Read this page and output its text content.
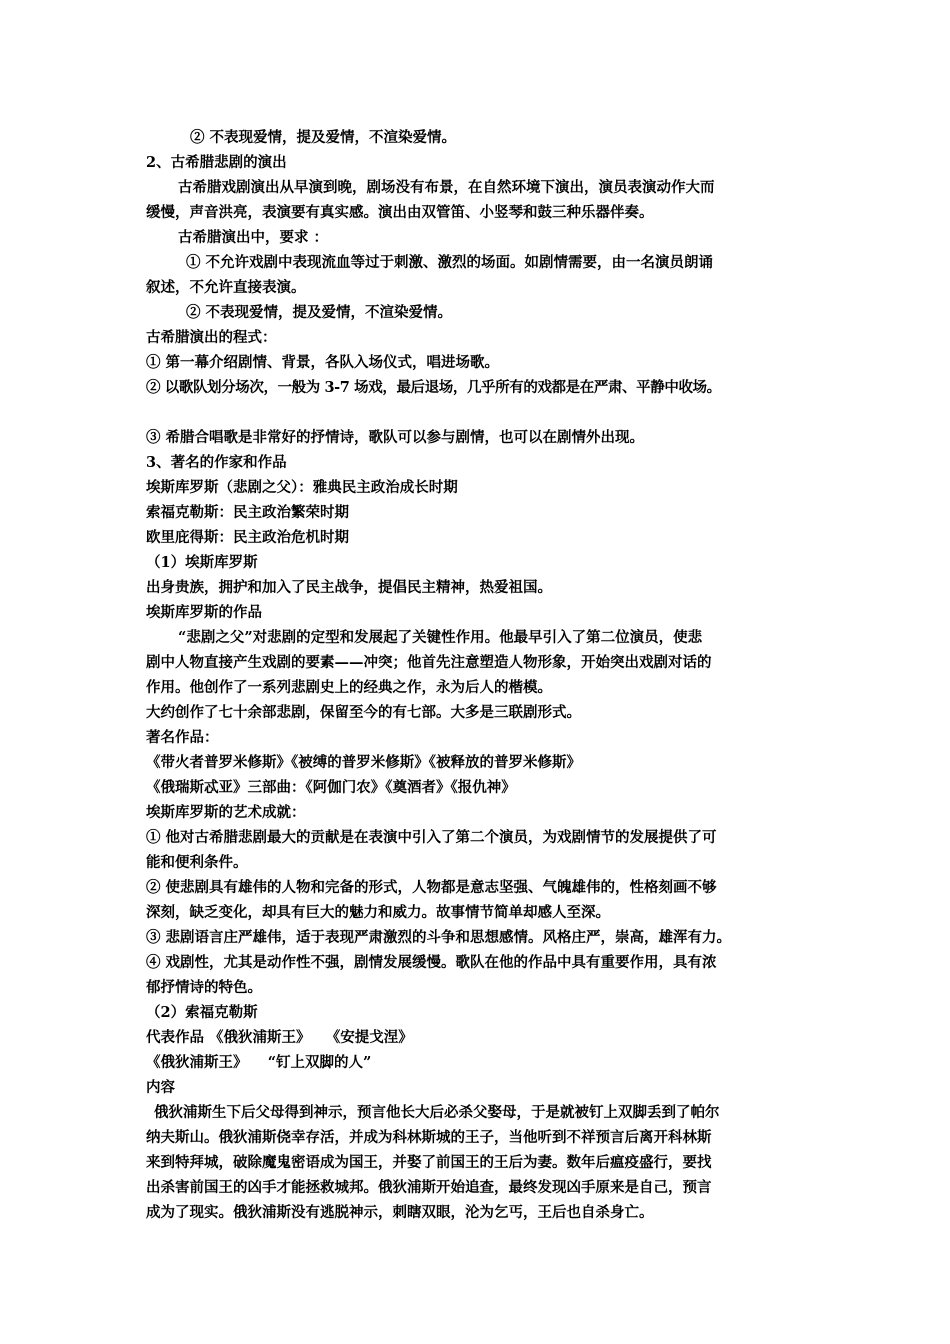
② 不表现爱情，提及爱情，不渲染爱情。
2、古希腊悲剧的演出
古希腊戏剧演出从早演到晚，剧场没有布景，在自然环境下演出，演员表演动作大而
缓慢，声音洪亮，表演要有真实感。演出由双管笛、小竖琴和鼓三种乐器伴奏。
古希腊演出中，要求 ：
① 不允许戏剧中表现流血等过于刺激、激烈的场面。如剧情需要，由一名演员朗诵
叙述，不允许直接表演。
② 不表现爱情，提及爱情，不渲染爱情。
古希腊演出的程式：
① 第一幕介绍剧情、背景，各队入场仪式，唱进场歌。
② 以歌队划分场次，一般为 3-7 场戏，最后退场，几乎所有的戏都是在严肃、平静中收场。
③ 希腊合唱歌是非常好的抒情诗，歌队可以参与剧情，也可以在剧情外出现。
3、著名的作家和作品
埃斯库罗斯（悲剧之父）：雅典民主政治成长时期
索福克勒斯：民主政治繁荣时期
欧里庇得斯：民主政治危机时期
（1）埃斯库罗斯
出身贵族，拥护和加入了民主战争，提倡民主精神，热爱祖国。
埃斯库罗斯的作品
“悲剧之父”对悲剧的定型和发展起了关键性作用。他最早引入了第二位演员，使悲
剧中人物直接产生戏剧的要素——冲突；他首先注意塑造人物形象，开始突出戏剧对话的
作用。他创作了一系列悲剧史上的经典之作，永为后人的楷模。
大约创作了七十余部悲剧，保留至今的有七部。大多是三联剧形式。
著名作品：
《带火者普罗米修斯》《被缚的普罗米修斯》《被释放的普罗米修斯》
《俄瑞斯忒亚》三部曲：《阿伽门农》《奠酒者》《报仇神》
埃斯库罗斯的艺术成就：
① 他对古希腊悲剧最大的贡献是在表演中引入了第二个演员，为戏剧情节的发展提供了可
能和便利条件。
② 使悲剧具有雄伟的人物和完备的形式，人物都是意志坚强、气魄雄伟的，性格刻画不够
深刻，缺乏变化，却具有巨大的魅力和威力。故事情节简单却感人至深。
③ 悲剧语言庄严雄伟，适于表现严肃激烈的斗争和思想感情。风格庄严，崇高，雄浑有力。
④ 戏剧性，尤其是动作性不强，剧情发展缓慢。歌队在他的作品中具有重要作用，具有浓
郁抒情诗的特色。
（2）索福克勒斯
代表作品 《俄狄浦斯王》   《安提戈涅》
《俄狄浦斯王》    “钉上双脚的人”
内容
俄狄浦斯生下后父母得到神示，预言他长大后必杀父娶母，于是就被钉上双脚丢到了帕尔
纳夫斯山。俄狄浦斯侥幸存活，并成为科林斯城的王子，当他听到不祥预言后离开科林斯
来到特拜城，破除魔鬼密语成为国王，并娶了前国王的王后为妻。数年后瘟疫盛行，要找
出杀害前国王的凶手才能拯救城邦。俄狄浦斯开始追查，最终发现凶手原来是自己，预言
成为了现实。俄狄浦斯没有逃脱神示，刺瞎双眼，沦为乞丐，王后也自杀身亡。
